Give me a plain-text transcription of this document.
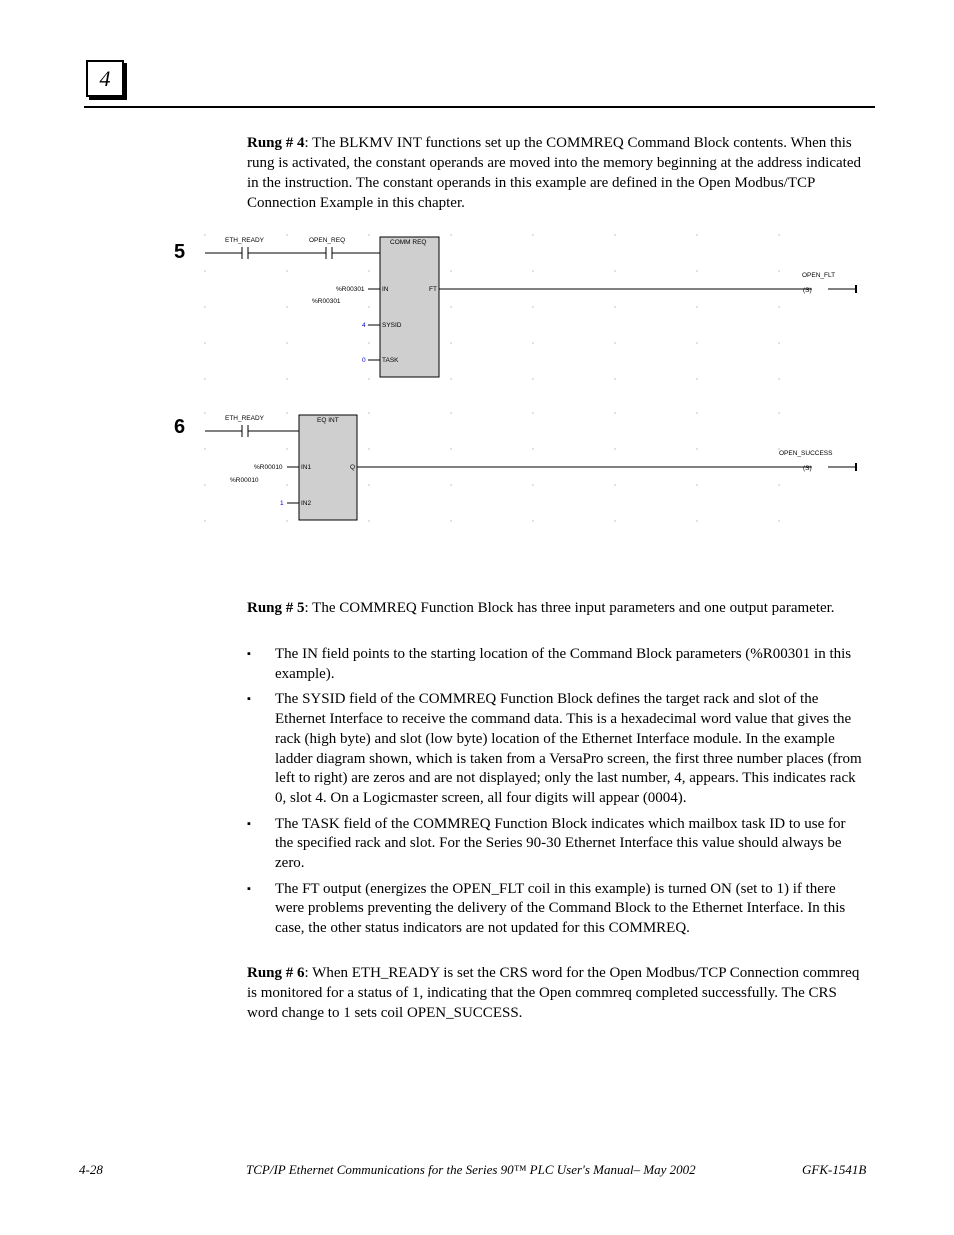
4

Rung # 4: The BLKMV INT functions set up the COMMREQ Command Block contents. When this rung is activated, the constant operands are moved into the memory beginning at the address indicated in the instruction. The constant operands in this example are defined in the Open Modbus/TCP Connection Example in this chapter.

5
ETH_READY	OPEN_REQ	COMM REQ
IN	FT
SYSID
TASK
%R00301
%R00301
4
0
(S)
OPEN_FLT
6	ETH_READY	EQ INT
IN1	Q
IN2
%R00010
%R00010
1
(S)
OPEN_SUCCESS

Rung # 5: The COMMREQ Function Block has three input parameters and one output parameter.

▪ The IN field points to the starting location of the Command Block parameters (%R00301 in this example).
▪ The SYSID field of the COMMREQ Function Block defines the target rack and slot of the Ethernet Interface to receive the command data. This is a hexadecimal word value that gives the rack (high byte) and slot (low byte) location of the Ethernet Interface module. In the example ladder diagram shown, which is taken from a VersaPro screen, the first three number places (from left to right) are zeros and are not displayed; only the last number, 4, appears. This indicates rack 0, slot 4. On a Logicmaster screen, all four digits will appear (0004).
▪ The TASK field of the COMMREQ Function Block indicates which mailbox task ID to use for the specified rack and slot. For the Series 90-30 Ethernet Interface this value should always be zero.
▪ The FT output (energizes the OPEN_FLT coil in this example) is turned ON (set to 1) if there were problems preventing the delivery of the Command Block to the Ethernet Interface. In this case, the other status indicators are not updated for this COMMREQ.

Rung # 6: When ETH_READY is set the CRS word for the Open Modbus/TCP Connection commreq is monitored for a status of 1, indicating that the Open commreq completed successfully. The CRS word change to 1 sets coil OPEN_SUCCESS.

4-28	TCP/IP Ethernet Communications for the Series 90™ PLC User's Manual– May 2002	GFK-1541B
